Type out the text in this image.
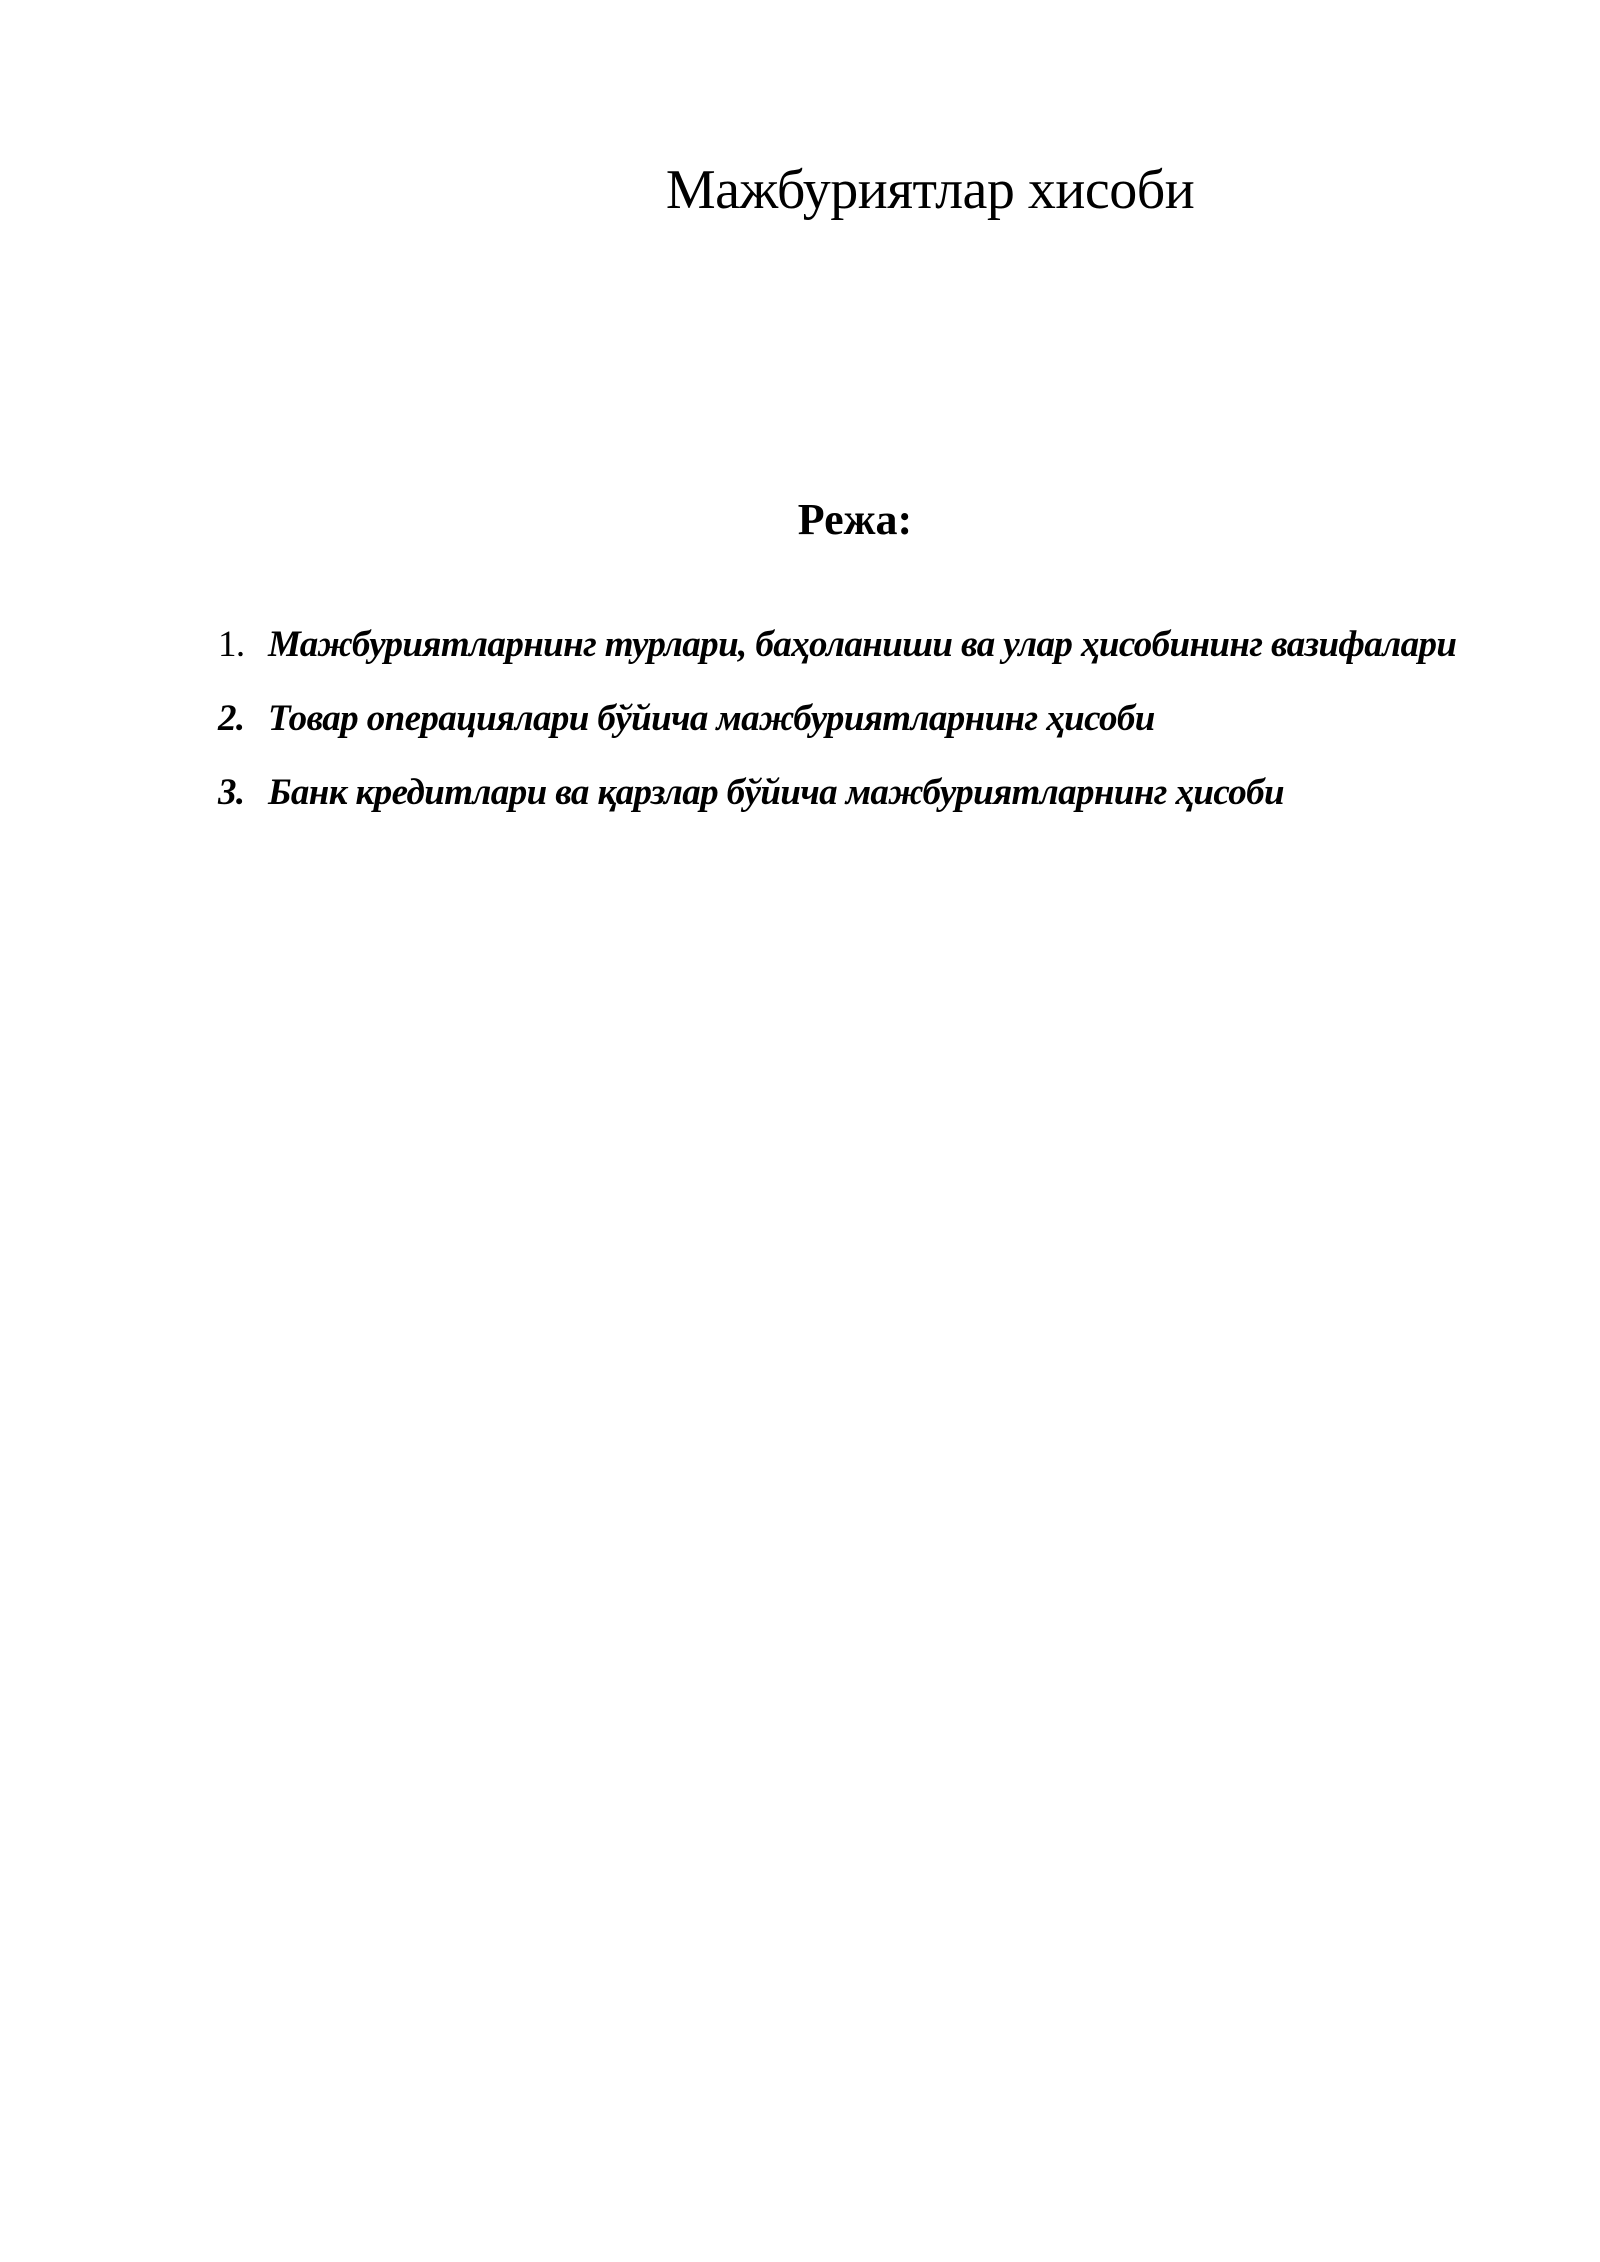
Мажбуриятлар хисоби
Режа:
1. Мажбуриятларнинг турлари, баҳоланиши ва улар ҳисобининг вазифалари
2. Товар операциялари бўйича мажбуриятларнинг ҳисоби
3. Банк кредитлари ва қарзлар бўйича мажбуриятларнинг ҳисоби
